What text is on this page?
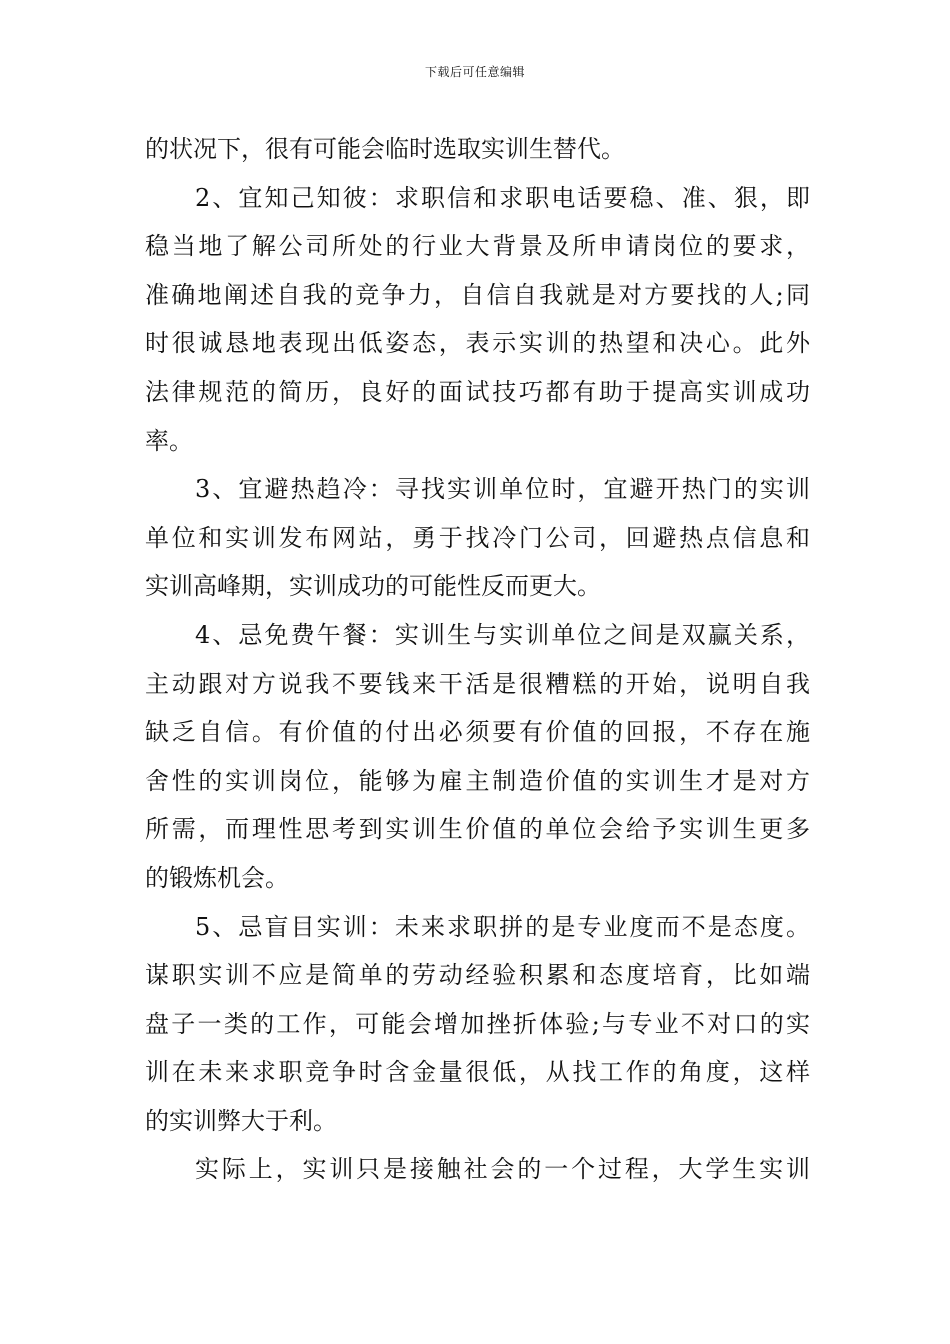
下载后可任意编辑
的状况下，很有可能会临时选取实训生替代。
2、宜知己知彼：求职信和求职电话要稳、准、狠，即
稳当地了解公司所处的行业大背景及所申请岗位的要求，
准确地阐述自我的竞争力，自信自我就是对方要找的人;同
时很诚恳地表现出低姿态，表示实训的热望和决心。此外
法律规范的简历，良好的面试技巧都有助于提高实训成功
率。
3、宜避热趋冷：寻找实训单位时，宜避开热门的实训
单位和实训发布网站，勇于找冷门公司，回避热点信息和
实训高峰期，实训成功的可能性反而更大。
4、忌免费午餐：实训生与实训单位之间是双赢关系，
主动跟对方说我不要钱来干活是很糟糕的开始，说明自我
缺乏自信。有价值的付出必须要有价值的回报，不存在施
舍性的实训岗位，能够为雇主制造价值的实训生才是对方
所需，而理性思考到实训生价值的单位会给予实训生更多
的锻炼机会。
5、忌盲目实训：未来求职拼的是专业度而不是态度。
谋职实训不应是简单的劳动经验积累和态度培育，比如端
盘子一类的工作，可能会增加挫折体验;与专业不对口的实
训在未来求职竞争时含金量很低，从找工作的角度，这样
的实训弊大于利。
实际上，实训只是接触社会的一个过程，大学生实训
